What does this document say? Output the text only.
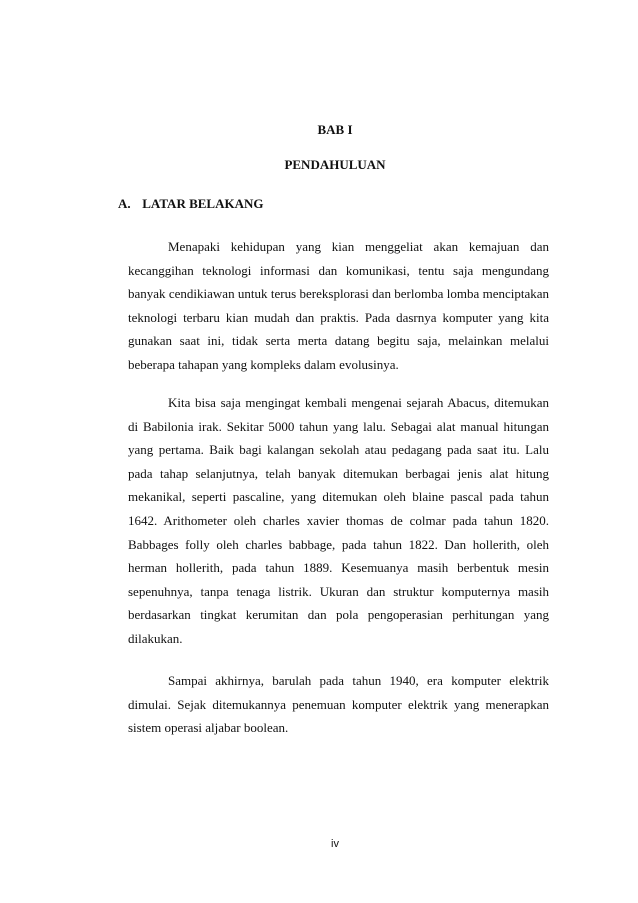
BAB I
PENDAHULUAN
A. LATAR BELAKANG

Menapaki kehidupan yang kian menggeliat akan kemajuan dan kecanggihan teknologi informasi dan komunikasi, tentu saja mengundang banyak cendikiawan untuk terus bereksplorasi dan berlomba lomba menciptakan teknologi terbaru kian mudah dan praktis. Pada dasrnya komputer yang kita gunakan saat ini, tidak serta merta datang begitu saja, melainkan melalui beberapa tahapan yang kompleks dalam evolusinya.

Kita bisa saja mengingat kembali mengenai sejarah Abacus, ditemukan di Babilonia irak. Sekitar 5000 tahun yang lalu. Sebagai alat manual hitungan yang pertama. Baik bagi kalangan sekolah atau pedagang pada saat itu. Lalu pada tahap selanjutnya, telah banyak ditemukan berbagai jenis alat hitung mekanikal, seperti pascaline, yang ditemukan oleh blaine pascal pada tahun 1642. Arithometer oleh charles xavier thomas de colmar pada tahun 1820. Babbages folly oleh charles babbage, pada tahun 1822. Dan hollerith, oleh herman hollerith, pada tahun 1889. Kesemuanya masih berbentuk mesin sepenuhnya, tanpa tenaga listrik. Ukuran dan struktur komputernya masih berdasarkan tingkat kerumitan dan pola pengoperasian perhitungan yang dilakukan.

Sampai akhirnya, barulah pada tahun 1940, era komputer elektrik dimulai. Sejak ditemukannya penemuan komputer elektrik yang menerapkan sistem operasi aljabar boolean.

iv
